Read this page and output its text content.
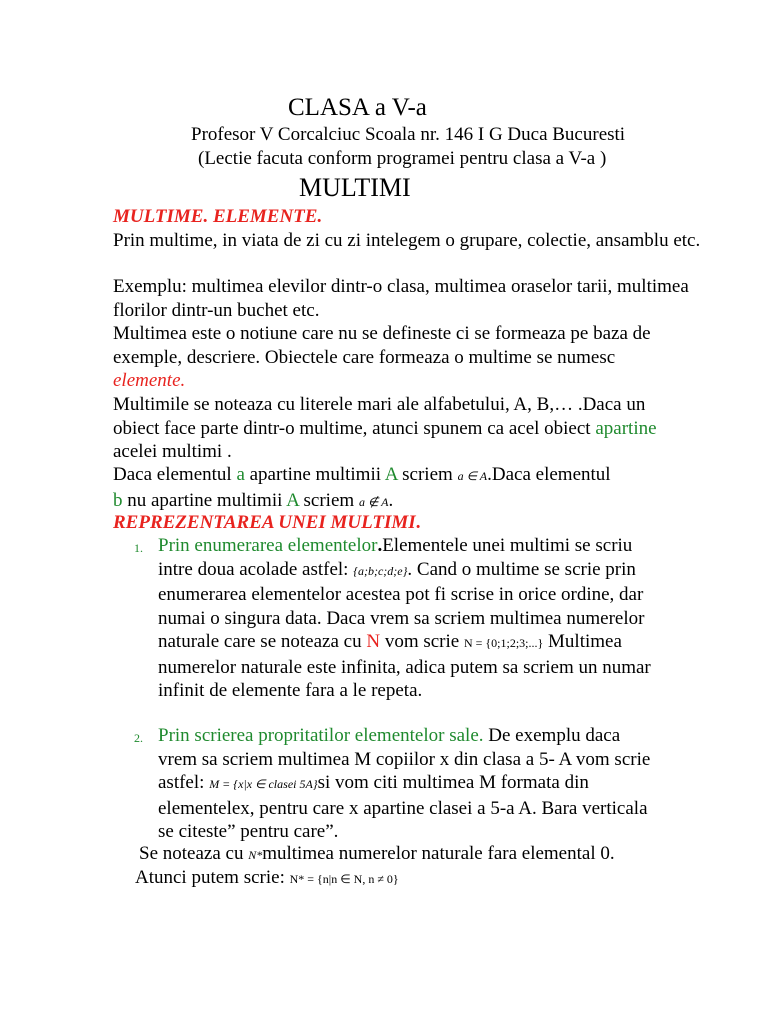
CLASA a V-a
Profesor V Corcalciuc Scoala nr. 146 I G Duca Bucuresti
(Lectie facuta conform programei pentru clasa a V-a )
MULTIMI
MULTIME. ELEMENTE.
Prin multime, in viata de zi cu zi intelegem o grupare, colectie, ansamblu etc.
Exemplu: multimea elevilor dintr-o clasa, multimea oraselor tarii, multimea florilor dintr-un buchet etc.
Multimea este o notiune care nu se defineste ci se formeaza pe baza de exemple, descriere. Obiectele care formeaza o multime se numesc elemente.
Multimile se noteaza cu literele mari ale alfabetului, A, B,… .Daca un obiect face parte dintr-o multime, atunci spunem ca acel obiect apartine acelei multimi .
Daca elementul a apartine multimii A scriem a ∈ A.Daca elementul
b nu apartine multimii A scriem a ∉ A.
REPREZENTAREA UNEI MULTIMI.
1. Prin enumerarea elementelor.Elementele unei multimi se scriu intre doua acolade astfel: {a;b;c;d;e}. Cand o multime se scrie prin enumerarea elementelor acestea pot fi scrise in orice ordine, dar numai o singura data. Daca vrem sa scriem multimea numerelor naturale care se noteaza cu N vom scrie N = {0;1;2;3;...} Multimea numerelor naturale este infinita, adica putem sa scriem un numar infinit de elemente fara a le repeta.
2. Prin scrierea propritatilor elementelor sale. De exemplu daca vrem sa scriem multimea M copiilor x din clasa a 5- A vom scrie astfel: M = {x|x ∈ clasei 5A}si vom citi multimea M formata din elementelex, pentru care x apartine clasei a 5-a A. Bara verticala se citeste” pentru care”.
Se noteaza cu N*multimea numerelor naturale fara elemental 0.
Atunci putem scrie: N* = {n|n ∈ N, n ≠ 0}
